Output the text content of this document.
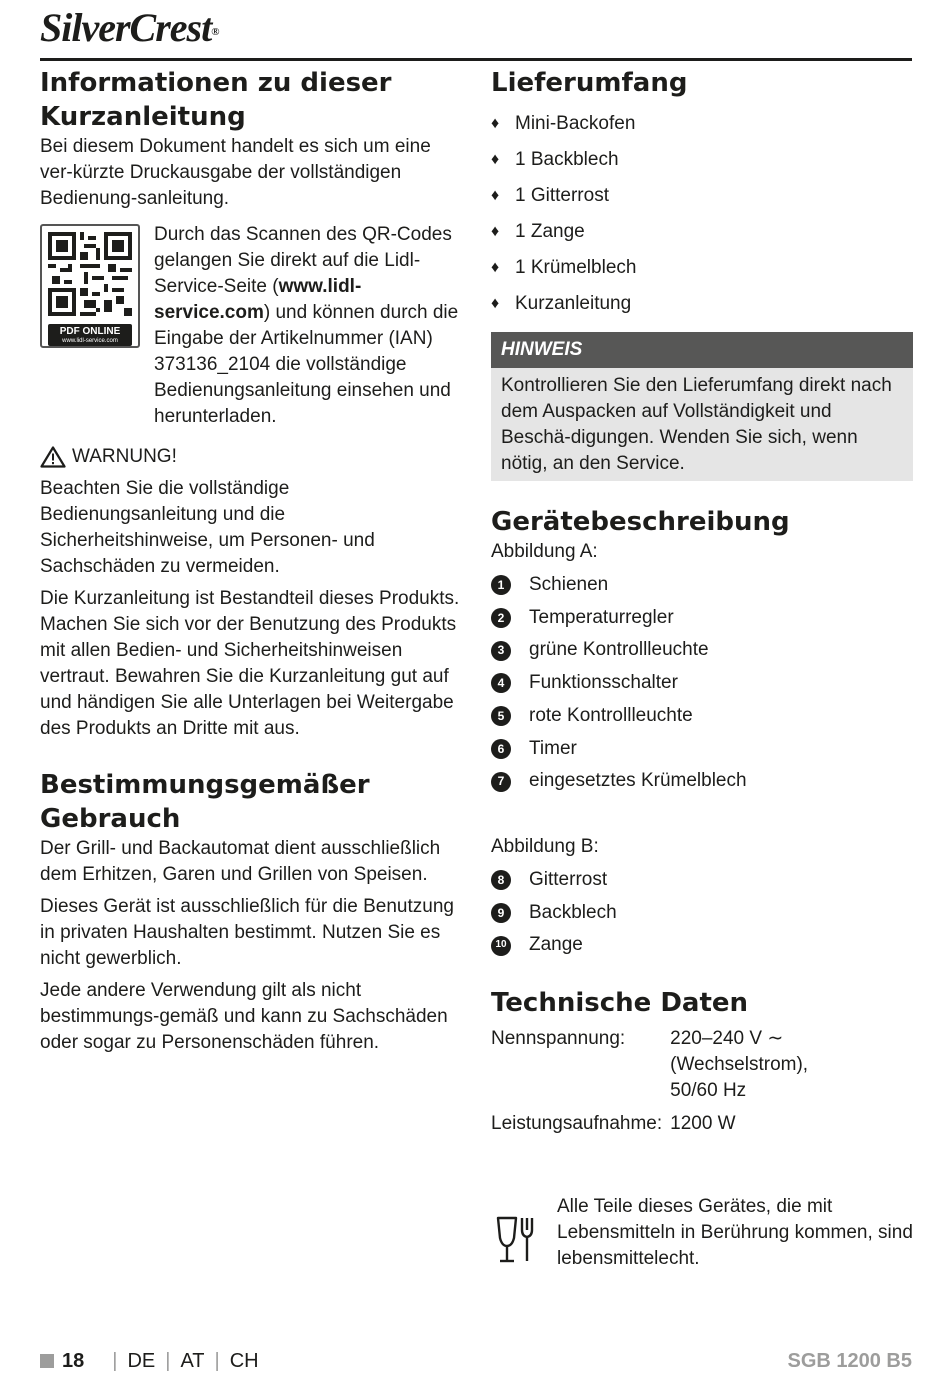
SilverCrest®
Informationen zu dieser Kurzanleitung

Bei diesem Dokument handelt es sich um eine ver-kürzte Druckausgabe der vollständigen Bedienung-sanleitung.

PDF ONLINE
www.lidl-service.com

Durch das Scannen des QR-Codes gelangen Sie direkt auf die Lidl-Service-Seite (www.lidl-service.com) und können durch die Eingabe der Artikelnummer (IAN) 373136_2104 die vollständige Bedienungsanleitung einsehen und herunterladen.

WARNUNG!

Beachten Sie die vollständige Bedienungsanleitung und die Sicherheitshinweise, um Personen- und Sachschäden zu vermeiden.

Die Kurzanleitung ist Bestandteil dieses Produkts. Machen Sie sich vor der Benutzung des Produkts mit allen Bedien- und Sicherheitshinweisen vertraut. Bewahren Sie die Kurzanleitung gut auf und händigen Sie alle Unterlagen bei Weitergabe des Produkts an Dritte mit aus.

Bestimmungsgemäßer Gebrauch

Der Grill- und Backautomat dient ausschließlich dem Erhitzen, Garen und Grillen von Speisen.

Dieses Gerät ist ausschließlich für die Benutzung in privaten Haushalten bestimmt. Nutzen Sie es nicht gewerblich.

Jede andere Verwendung gilt als nicht bestimmungs-gemäß und kann zu Sachschäden oder sogar zu Personenschäden führen.

Lieferumfang
♦ Mini-Backofen
♦ 1 Backblech
♦ 1 Gitterrost
♦ 1 Zange
♦ 1 Krümelblech
♦ Kurzanleitung
HINWEIS
Kontrollieren Sie den Lieferumfang direkt nach dem Auspacken auf Vollständigkeit und Beschä-digungen. Wenden Sie sich, wenn nötig, an den Service.
Gerätebeschreibung

Abbildung A:

1	Schienen
2	Temperaturregler
3	grüne Kontrollleuchte
4	Funktionsschalter
5	rote Kontrollleuchte
6	Timer
7	eingesetztes Krümelblech

Abbildung B:

8	Gitterrost
9	Backblech
10 Zange
Technische Daten
Nennspannung:	220–240 V ∼ (Wechselstrom),
50/60 Hz

Leistungsaufnahme:	1200 W

Alle Teile dieses Gerätes, die mit Lebensmitteln in Berührung kommen, sind lebensmittelecht.

18 | DE | AT | CH	SGB 1200 B5
